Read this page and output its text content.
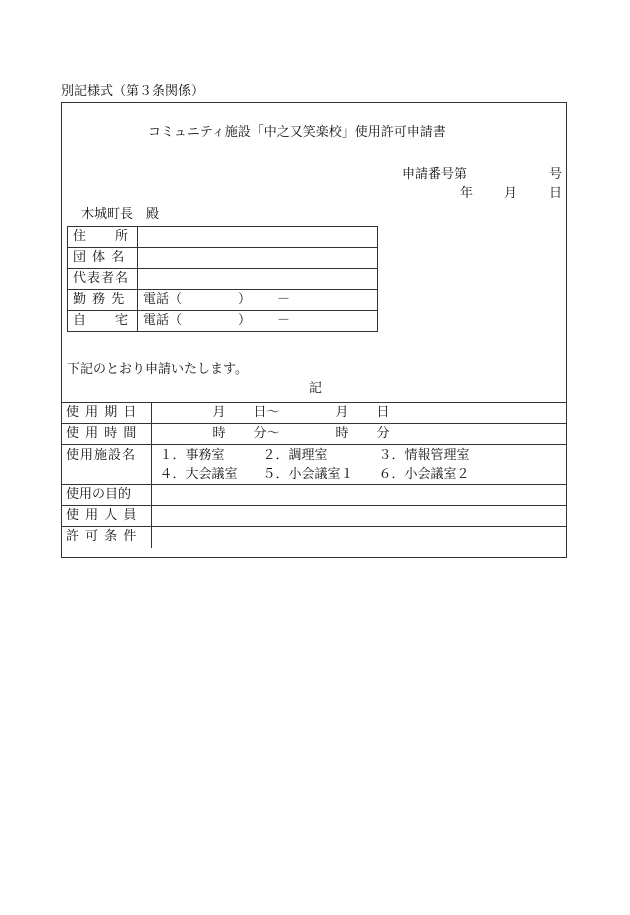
別記様式（第３条関係）
コミュニティ施設「中之又笑楽校」使用許可申請書
申請番号第	号
年 月 日
木城町長　殿
住　　所	
団 体 名	
代表者名	
勤 務 先	電話（ ） －
自　　宅	電話（ ） －
下記のとおり申請いたします。
記
使 用 期 日	月 日～ 月 日
使 用 時 間	時 分～ 時 分
使用施設名	１．事務室 ２．調理室 ３．情報管理室
４．大会議室 ５．小会議室１ ６．小会議室２
使用の目的	
使 用 人 員	
許 可 条 件	
